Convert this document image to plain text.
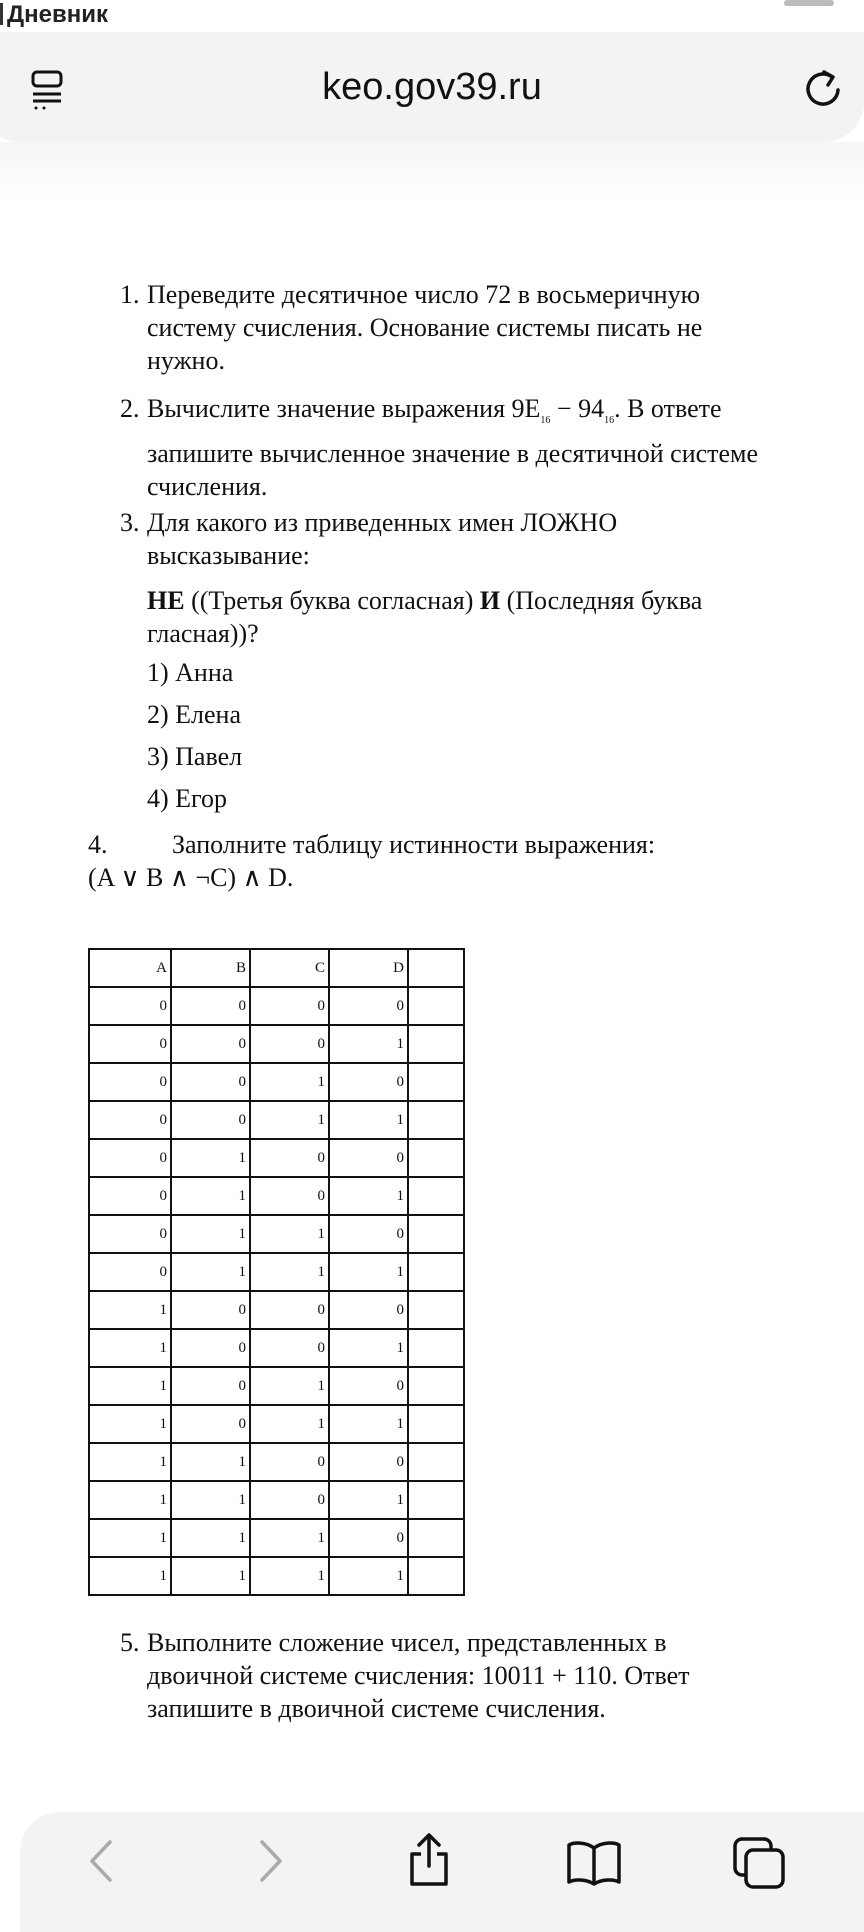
Дневник
keo.gov39.ru
1. Переведите десятичное число 72 в восьмеричную
систему счисления. Основание системы писать не
нужно.
2. Вычислите значение выражения $9E_{16} - 94_{16}$. В ответе
запишите вычисленное значение в десятичной системе
счисления.
3. Для какого из приведенных имен ЛОЖНО
высказывание:
НЕ ((Третья буква согласная) И (Последняя буква
гласная))?
1) Анна
2) Елена
3) Павел
4) Егор
4. Заполните таблицу истинности выражения:
(A ∨ B ∧ ¬C) ∧ D.
A	B	C	D	
0	0	0	0	
0	0	0	1	
0	0	1	0	
0	0	1	1	
0	1	0	0	
0	1	0	1	
0	1	1	0	
0	1	1	1	
1	0	0	0	
1	0	0	1	
1	0	1	0	
1	0	1	1	
1	1	0	0	
1	1	0	1	
1	1	1	0	
1	1	1	1	
5. Выполните сложение чисел, представленных в
двоичной системе счисления: 10011 + 110. Ответ
запишите в двоичной системе счисления.
